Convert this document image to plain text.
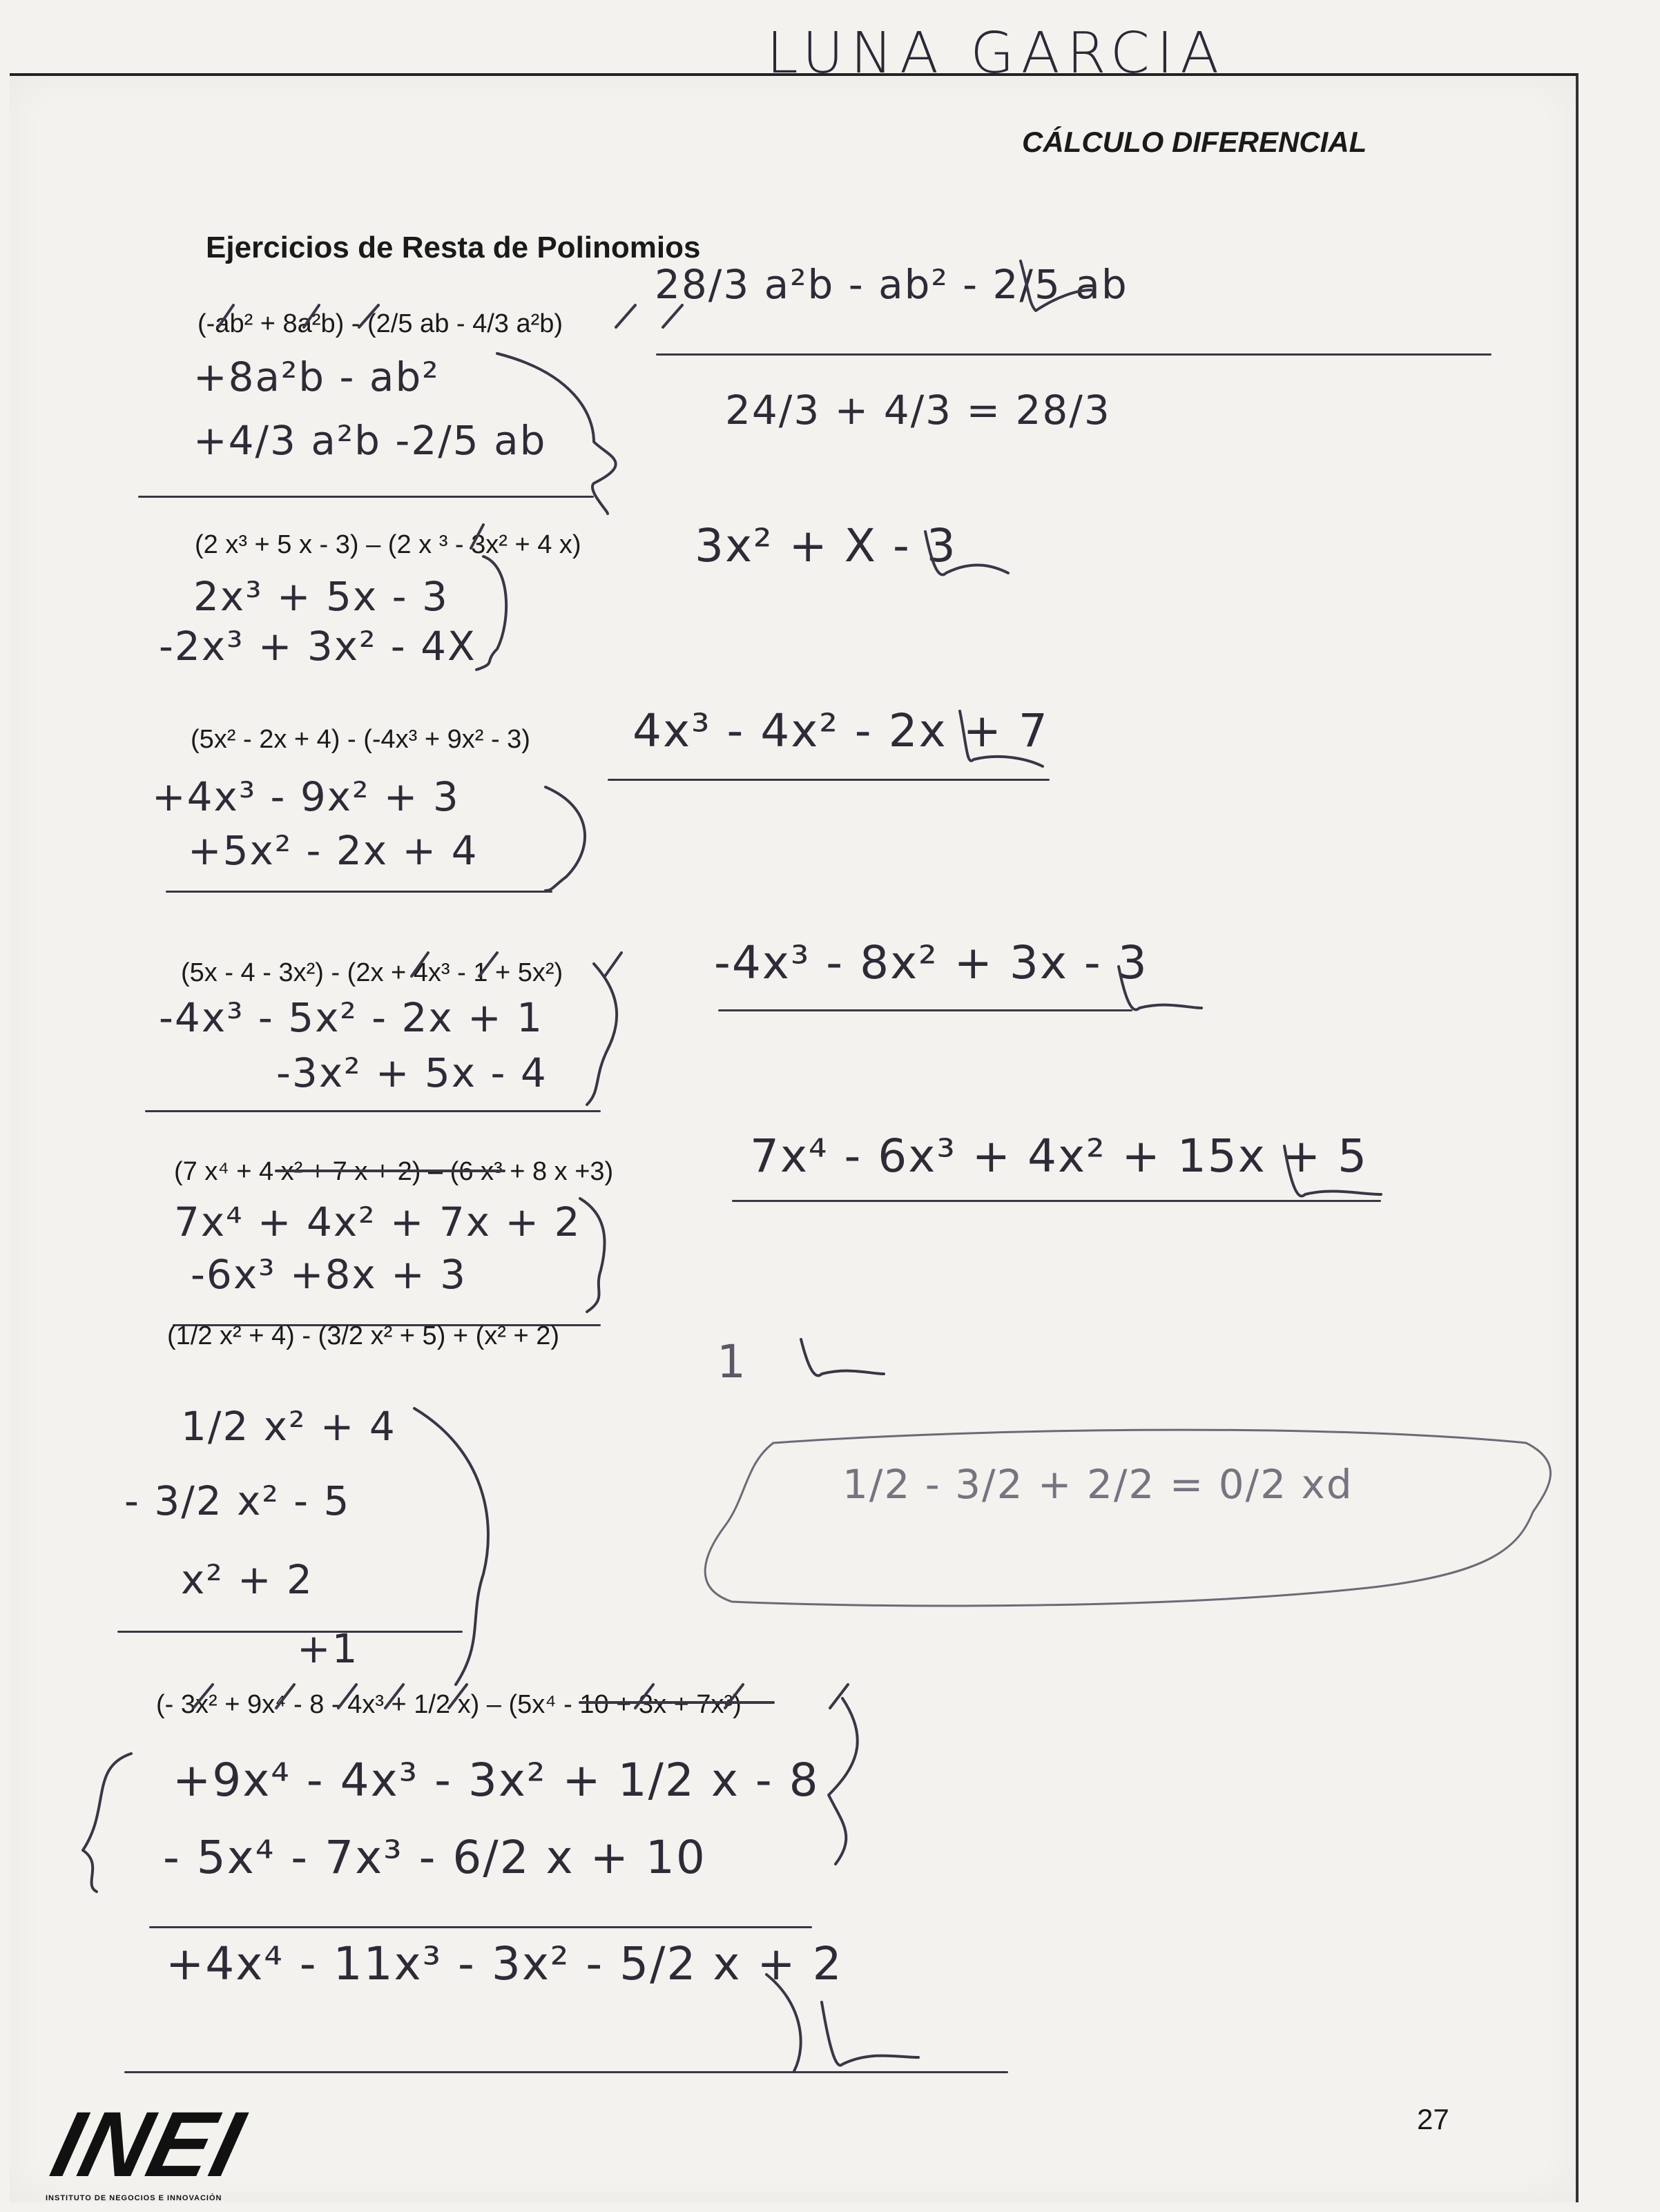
LUNA GARCIA
CÁLCULO DIFERENCIAL
Ejercicios de Resta de Polinomios
(-ab² + 8a²b) - (2/5 ab - 4/3 a²b)
28/3 a²b - ab² - 2/5 ab
+8a²b - ab²
+4/3 a²b -2/5 ab
24/3 + 4/3 = 28/3
(2 x³ + 5 x - 3) – (2 x ³ - 3x² + 4 x) 3x² + X - 3
2x³ + 5x - 3
-2x³ + 3x² - 4X
(5x² - 2x + 4) - (-4x³ + 9x² - 3) 4x³ - 4x² - 2x + 7
+4x³ - 9x² + 3
+5x² - 2x + 4
(5x - 4 - 3x²) - (2x + 4x³ - 1 + 5x²)	-4x³ - 8x² + 3x - 3
-4x³ - 5x² - 2x + 1
-3x² + 5x - 4
(7 x⁴ + 4 x² + 7 x + 2) – (6 x³ + 8 x +3)	7x⁴ - 6x³ + 4x² + 15x + 5
7x⁴ + 4x² + 7x + 2
-6x³ +8x + 3
(1/2 x² + 4) - (3/2 x² + 5) + (x² + 2)	1
1/2 x² + 4
- 3/2 x² - 5
x² + 2
+1
1/2 - 3/2 + 2/2 = 0/2 xd
(- 3x² + 9x⁴ - 8 - 4x³ + 1/2 x) – (5x⁴ - 10 + 3x + 7x³)
+9x⁴ - 4x³ - 3x² + 1/2 x - 8
- 5x⁴ - 7x³ - 6/2 x + 10
+4x⁴ - 11x³ - 3x² - 5/2 x + 2
27
INEI
INSTITUTO DE NEGOCIOS E INNOVACIÓN
